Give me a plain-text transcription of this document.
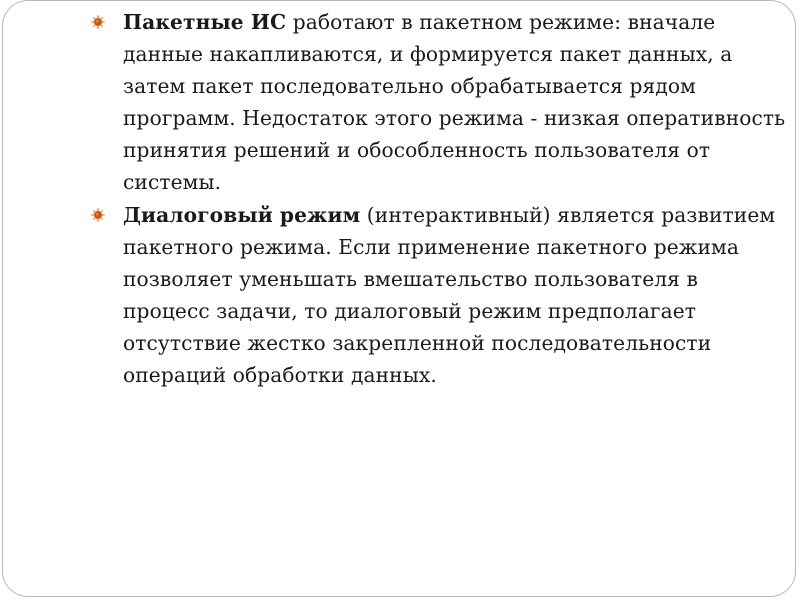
Пакетные ИС работают в пакетном режиме: вначале данные накапливаются, и формируется пакет данных, а затем пакет последовательно обрабатывается рядом программ. Недостаток этого режима - низкая оперативность принятия решений и обособленность пользователя от системы.
Диалоговый режим (интерактивный) является развитием пакетного режима. Если применение пакетного режима позволяет уменьшать вмешательство пользователя в процесс задачи, то диалоговый режим предполагает отсутствие жестко закрепленной последовательности операций обработки данных.
